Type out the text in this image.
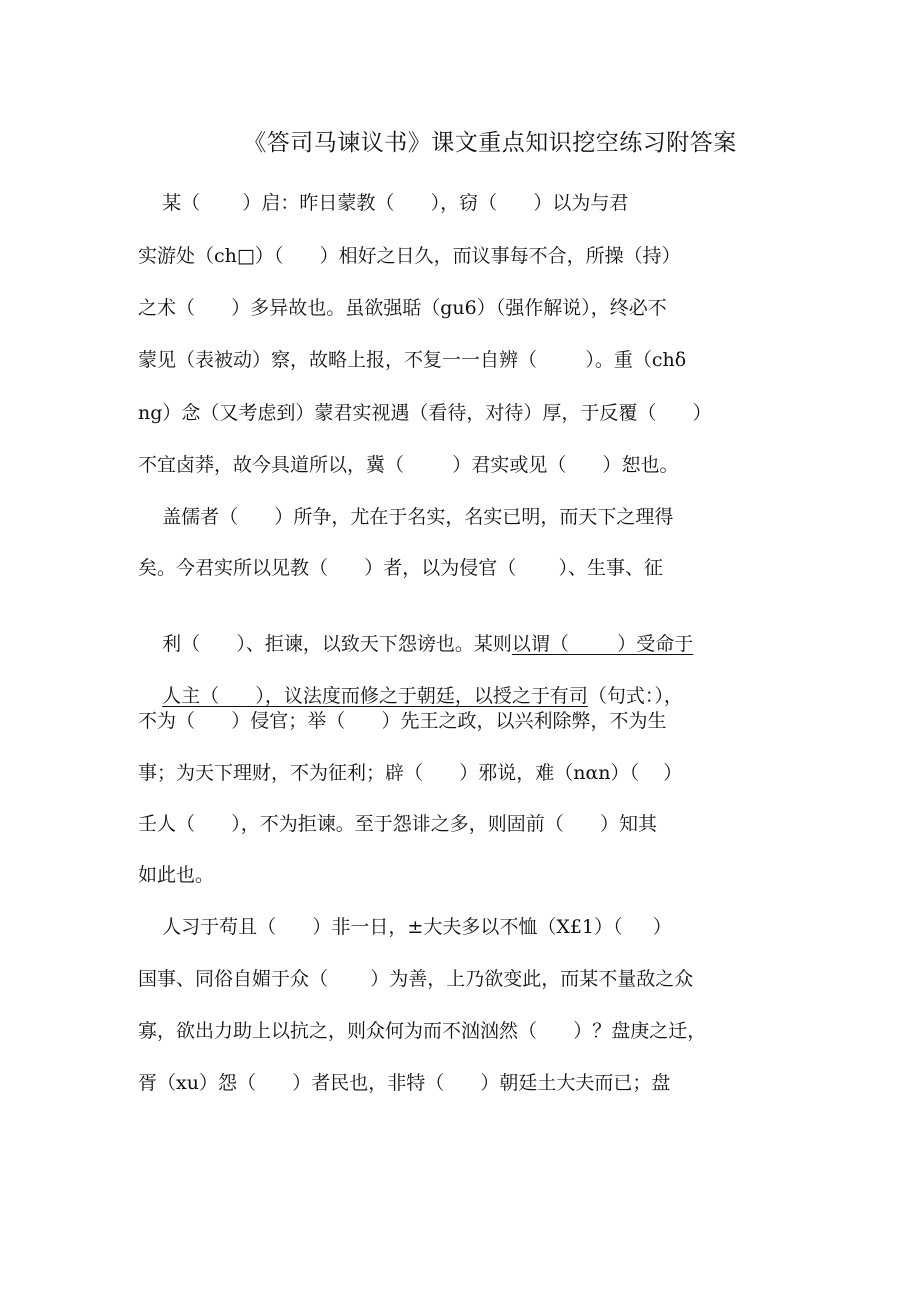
《答司马谏议书》课文重点知识挖空练习附答案
某（       ）启：昨日蒙教（      ），窃（      ）以为与君
实游处（ch□）（      ）相好之日久，而议事每不合，所操（持）
之术（      ）多异故也。虽欲强聒（gu6）（强作解说），终必不
蒙见（表被动）察，故略上报，不复一一自辨（        ）。重（chδ
ng）念（又考虑到）蒙君实视遇（看待，对待）厚，于反覆（      ）
不宜卤莽，故今具道所以，冀（        ）君实或见（      ）恕也。
盖儒者（      ）所争，尤在于名实，名实已明，而天下之理得
矣。今君实所以见教（      ）者，以为侵官（       ）、生事、征

利（      ）、拒谏，以致天下怨谤也。某则以谓（        ）受命于

人主（      ），议法度而修之于朝廷，以授之于有司（句式：），

不为（      ）侵官；举（      ）先王之政，以兴利除弊，不为生
事；为天下理财，不为征利；辟（      ）邪说，难（nαn）（    ）
壬人（      ），不为拒谏。至于怨诽之多，则固前（      ）知其
如此也。
人习于苟且（      ）非一日，±大夫多以不恤（X£1）（     ）
国事、同俗自媚于众（       ）为善，上乃欲变此，而某不量敌之众
寡，欲出力助上以抗之，则众何为而不汹汹然（      ）？盘庚之迁，
胥（xu）怨（      ）者民也，非特（      ）朝廷土大夫而已；盘
